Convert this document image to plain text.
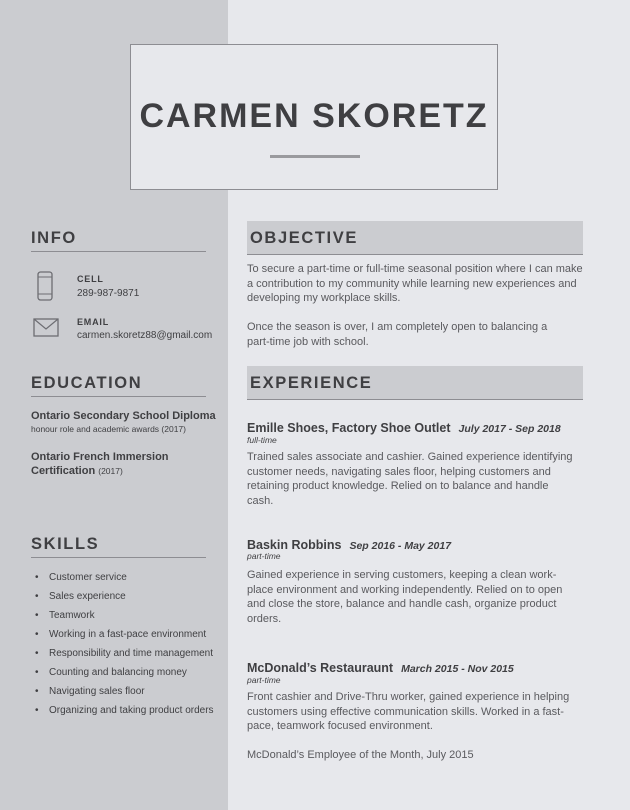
CARMEN SKORETZ
INFO
CELL
289-987-9871
EMAIL
carmen.skoretz88@gmail.com
EDUCATION
Ontario Secondary School Diploma
honour role and academic awards (2017)
Ontario French Immersion
Certification (2017)
SKILLS
• Customer service
• Sales experience
• Teamwork
• Working in a fast-pace environment
• Responsibility and time management
• Counting and balancing money
• Navigating sales floor
• Organizing and taking product orders
OBJECTIVE
To secure a part-time or full-time seasonal position where I can make a contribution to my community while learning new experiences and developing my workplace skills.
Once the season is over, I am completely open to balancing a part-time job with school.
EXPERIENCE
Emille Shoes, Factory Shoe Outlet July 2017 - Sep 2018
full-time
Trained sales associate and cashier. Gained experience identifying customer needs, navigating sales floor, helping customers and retaining product knowledge. Relied on to balance and handle cash.
Baskin Robbins Sep 2016 - May 2017
part-time
Gained experience in serving customers, keeping a clean work-place environment and working independently. Relied on to open and close the store, balance and handle cash, organize product orders.
McDonald’s Restauraunt March 2015 - Nov 2015
part-time
Front cashier and Drive-Thru worker, gained experience in helping customers using effective communication skills. Worked in a fast-pace, teamwork focused environment.
McDonald’s Employee of the Month, July 2015
